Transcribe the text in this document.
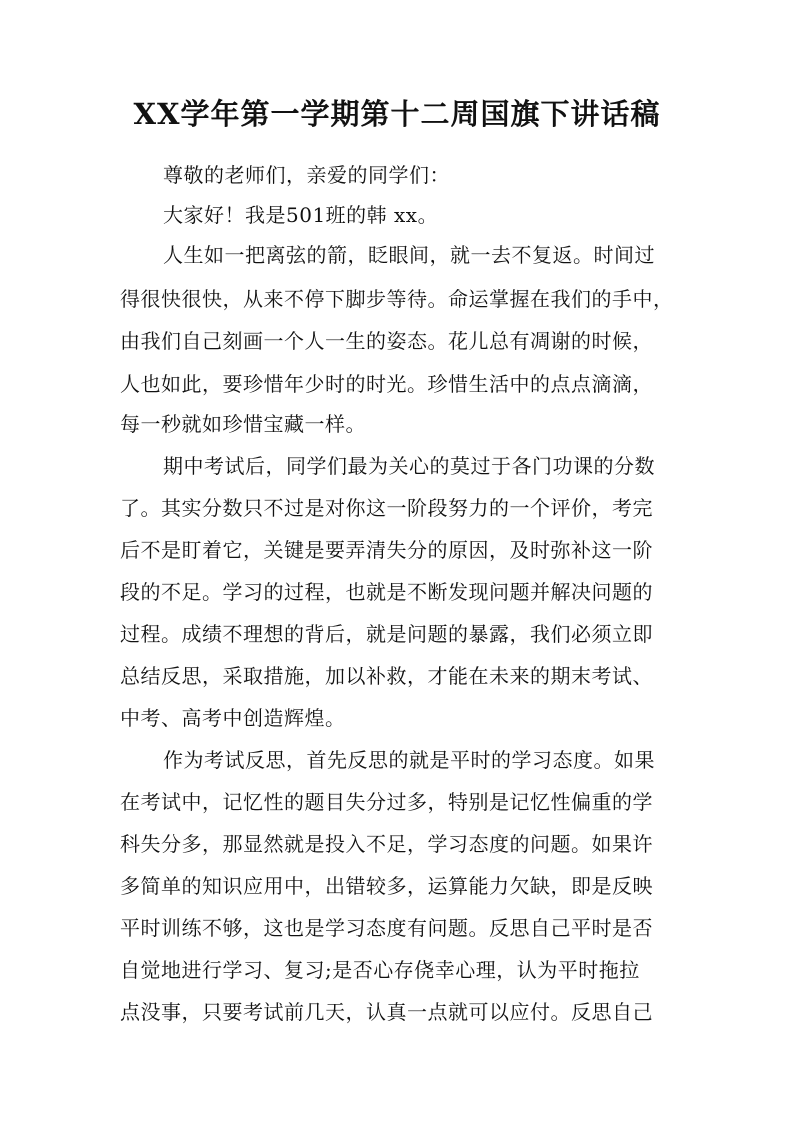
XX学年第一学期第十二周国旗下讲话稿

尊敬的老师们，亲爱的同学们：

大家好！我是501班的韩 xx。

人生如一把离弦的箭，眨眼间，就一去不复返。时间过

得很快很快，从来不停下脚步等待。命运掌握在我们的手中，

由我们自己刻画一个人一生的姿态。花儿总有凋谢的时候，

人也如此，要珍惜年少时的时光。珍惜生活中的点点滴滴，

每一秒就如珍惜宝藏一样。

期中考试后，同学们最为关心的莫过于各门功课的分数

了。其实分数只不过是对你这一阶段努力的一个评价，考完

后不是盯着它，关键是要弄清失分的原因，及时弥补这一阶

段的不足。学习的过程，也就是不断发现问题并解决问题的

过程。成绩不理想的背后，就是问题的暴露，我们必须立即

总结反思，采取措施，加以补救，才能在未来的期末考试、

中考、高考中创造辉煌。

作为考试反思，首先反思的就是平时的学习态度。如果

在考试中，记忆性的题目失分过多，特别是记忆性偏重的学

科失分多，那显然就是投入不足，学习态度的问题。如果许

多简单的知识应用中，出错较多，运算能力欠缺，即是反映

平时训练不够，这也是学习态度有问题。反思自己平时是否

自觉地进行学习、复习;是否心存侥幸心理，认为平时拖拉

点没事，只要考试前几天，认真一点就可以应付。反思自己
